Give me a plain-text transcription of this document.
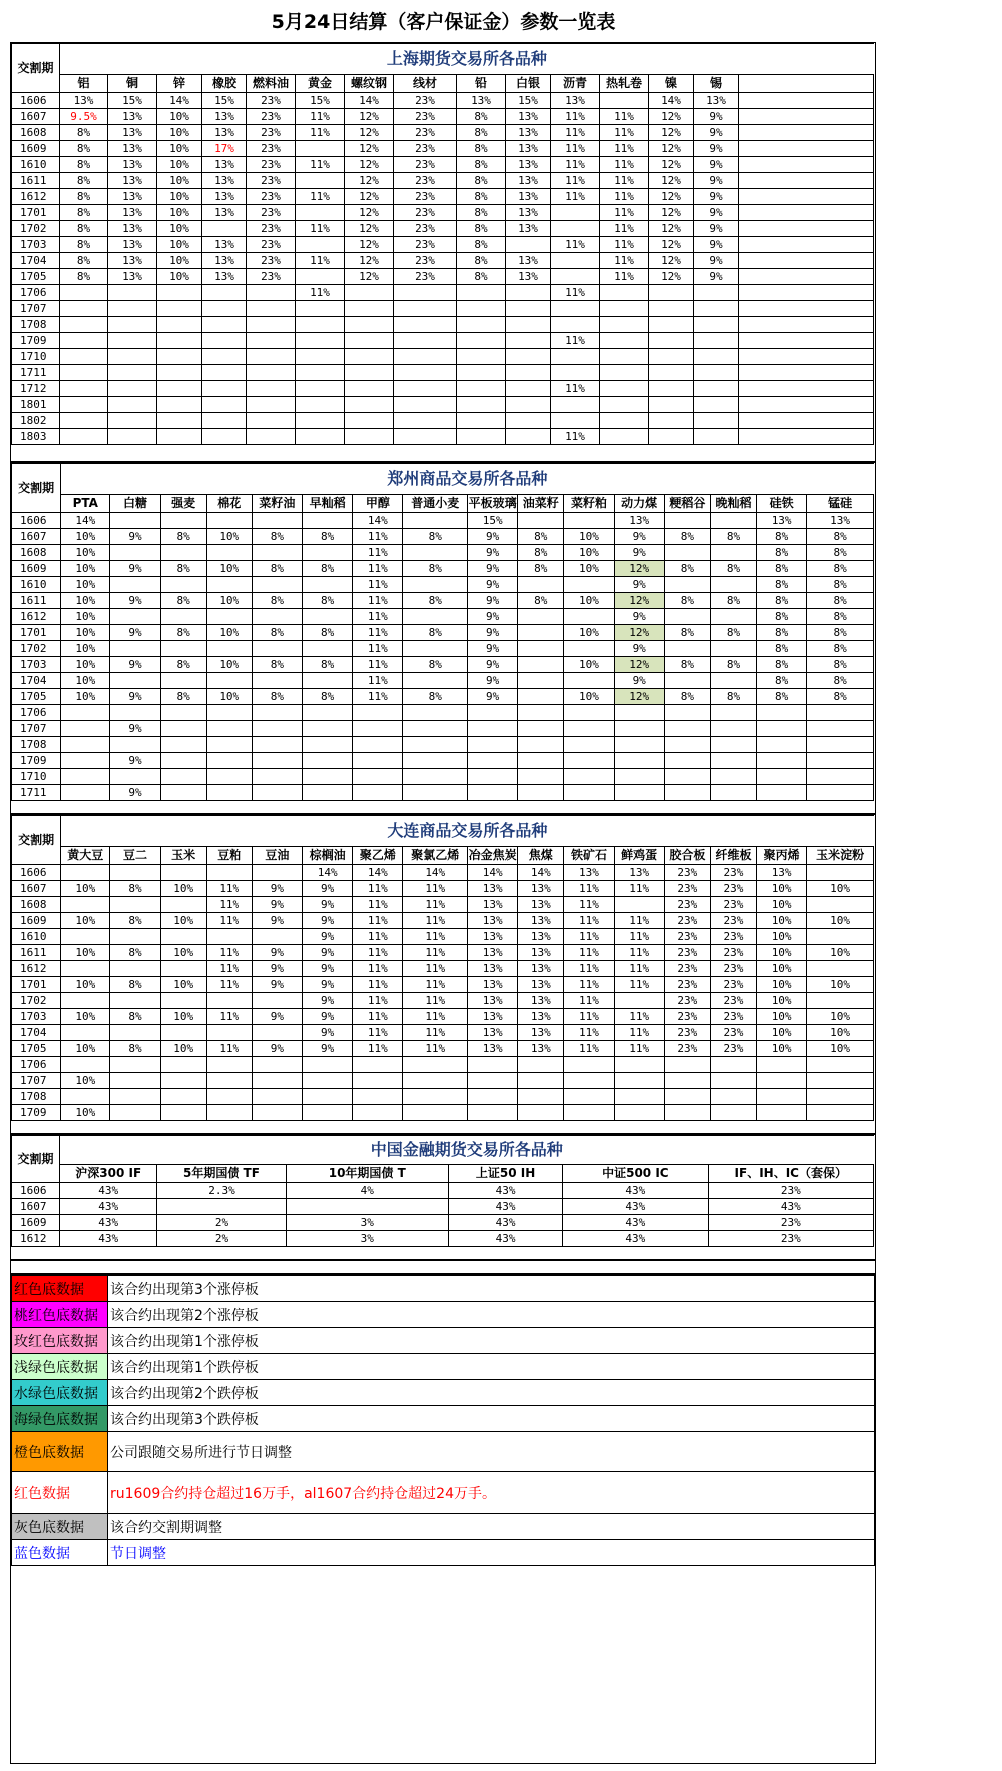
5月24日结算（客户保证金）参数一览表
交割期	上海期货交易所各品种														
	铝	铜	锌	橡胶	燃料油	黄金	螺纹钢	线材	铅	白银	沥青	热轧卷	镍	锡	
1606	13%	15%	14%	15%	23%	15%	14%	23%	13%	15%	13%		14%	13%	
1607	9.5%	13%	10%	13%	23%	11%	12%	23%	8%	13%	11%	11%	12%	9%	
1608	8%	13%	10%	13%	23%	11%	12%	23%	8%	13%	11%	11%	12%	9%	
1609	8%	13%	10%	17%	23%		12%	23%	8%	13%	11%	11%	12%	9%	
1610	8%	13%	10%	13%	23%	11%	12%	23%	8%	13%	11%	11%	12%	9%	
1611	8%	13%	10%	13%	23%		12%	23%	8%	13%	11%	11%	12%	9%	
1612	8%	13%	10%	13%	23%	11%	12%	23%	8%	13%	11%	11%	12%	9%	
1701	8%	13%	10%	13%	23%		12%	23%	8%	13%		11%	12%	9%	
1702	8%	13%	10%		23%	11%	12%	23%	8%	13%		11%	12%	9%	
1703	8%	13%	10%	13%	23%		12%	23%	8%		11%	11%	12%	9%	
1704	8%	13%	10%	13%	23%	11%	12%	23%	8%	13%		11%	12%	9%	
1705	8%	13%	10%	13%	23%		12%	23%	8%	13%		11%	12%	9%	
1706						11%					11%				
1707															
1708															
1709											11%				
1710															
1711															
1712											11%				
1801															
1802															
1803											11%				
交割期	郑州商品交易所各品种															
	PTA	白糖	强麦	棉花	菜籽油	早籼稻	甲醇	普通小麦	平板玻璃	油菜籽	菜籽粕	动力煤	粳稻谷	晚籼稻	硅铁	锰硅
1606	14%						14%		15%			13%			13%	13%
1607	10%	9%	8%	10%	8%	8%	11%	8%	9%	8%	10%	9%	8%	8%	8%	8%
1608	10%						11%		9%	8%	10%	9%			8%	8%
1609	10%	9%	8%	10%	8%	8%	11%	8%	9%	8%	10%	12%	8%	8%	8%	8%
1610	10%						11%		9%			9%			8%	8%
1611	10%	9%	8%	10%	8%	8%	11%	8%	9%	8%	10%	12%	8%	8%	8%	8%
1612	10%						11%		9%			9%			8%	8%
1701	10%	9%	8%	10%	8%	8%	11%	8%	9%		10%	12%	8%	8%	8%	8%
1702	10%						11%		9%			9%			8%	8%
1703	10%	9%	8%	10%	8%	8%	11%	8%	9%		10%	12%	8%	8%	8%	8%
1704	10%						11%		9%			9%			8%	8%
1705	10%	9%	8%	10%	8%	8%	11%	8%	9%		10%	12%	8%	8%	8%	8%
1706																
1707		9%														
1708																
1709		9%														
1710																
1711		9%														
交割期	大连商品交易所各品种															
	黄大豆	豆二	玉米	豆粕	豆油	棕榈油	聚乙烯	聚氯乙烯	冶金焦炭	焦煤	铁矿石	鲜鸡蛋	胶合板	纤维板	聚丙烯	玉米淀粉
1606						14%	14%	14%	14%	14%	13%	13%	23%	23%	13%	
1607	10%	8%	10%	11%	9%	9%	11%	11%	13%	13%	11%	11%	23%	23%	10%	10%
1608				11%	9%	9%	11%	11%	13%	13%	11%		23%	23%	10%	
1609	10%	8%	10%	11%	9%	9%	11%	11%	13%	13%	11%	11%	23%	23%	10%	10%
1610						9%	11%	11%	13%	13%	11%	11%	23%	23%	10%	
1611	10%	8%	10%	11%	9%	9%	11%	11%	13%	13%	11%	11%	23%	23%	10%	10%
1612				11%	9%	9%	11%	11%	13%	13%	11%	11%	23%	23%	10%	
1701	10%	8%	10%	11%	9%	9%	11%	11%	13%	13%	11%	11%	23%	23%	10%	10%
1702						9%	11%	11%	13%	13%	11%		23%	23%	10%	
1703	10%	8%	10%	11%	9%	9%	11%	11%	13%	13%	11%	11%	23%	23%	10%	10%
1704						9%	11%	11%	13%	13%	11%	11%	23%	23%	10%	10%
1705	10%	8%	10%	11%	9%	9%	11%	11%	13%	13%	11%	11%	23%	23%	10%	10%
1706																
1707	10%															
1708																
1709	10%															
交割期	中国金融期货交易所各品种					
	沪深300 IF	5年期国债 TF	10年期国债 T	上证50 IH	中证500 IC	IF、IH、IC（套保）
1606	43%	2.3%	4%	43%	43%	23%
1607	43%			43%	43%	43%
1609	43%	2%	3%	43%	43%	23%
1612	43%	2%	3%	43%	43%	23%
红色底数据	该合约出现第3个涨停板
桃红色底数据	该合约出现第2个涨停板
玫红色底数据	该合约出现第1个涨停板
浅绿色底数据	该合约出现第1个跌停板
水绿色底数据	该合约出现第2个跌停板
海绿色底数据	该合约出现第3个跌停板
橙色底数据	公司跟随交易所进行节日调整
红色数据	ru1609合约持仓超过16万手，al1607合约持仓超过24万手。
灰色底数据	该合约交割期调整
蓝色数据	节日调整
